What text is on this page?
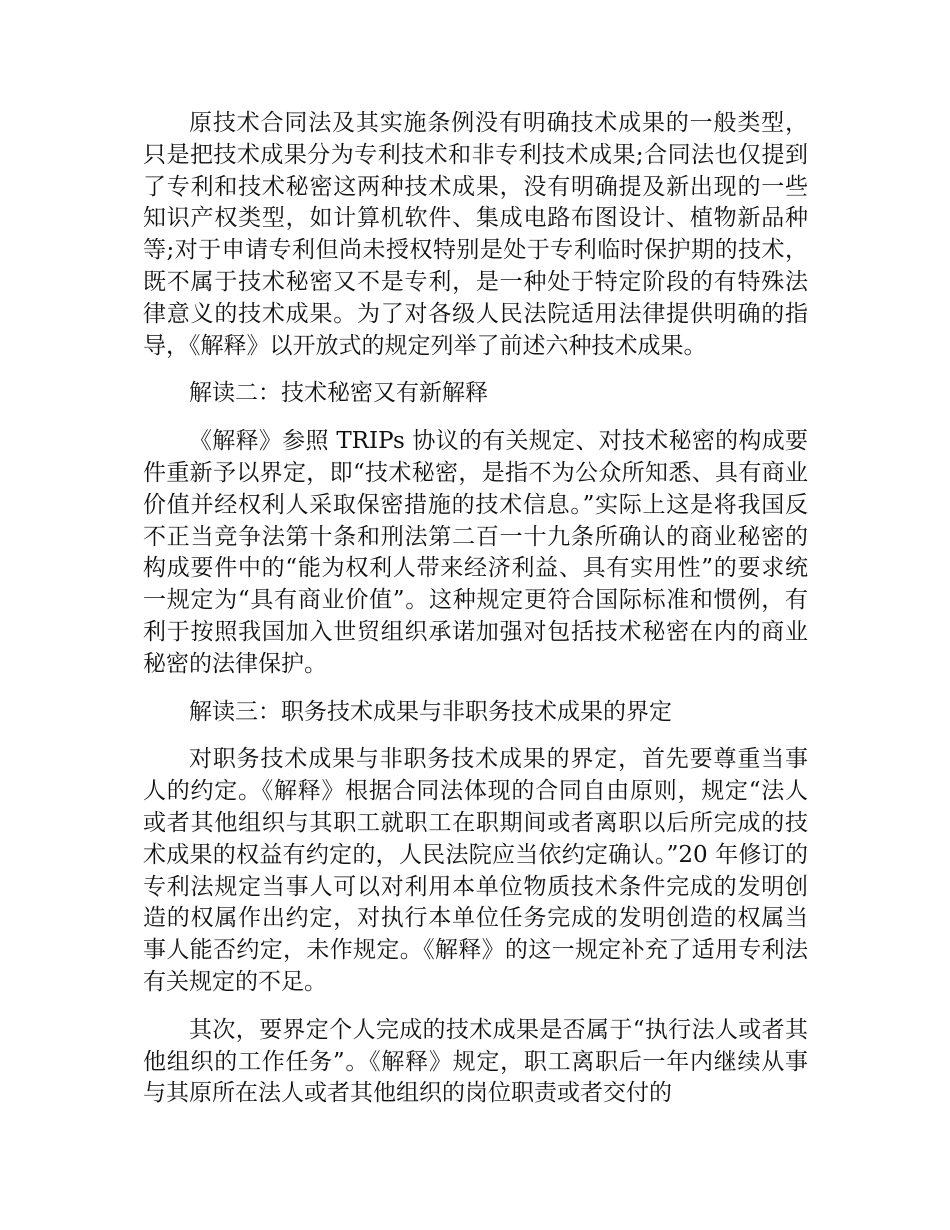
原技术合同法及其实施条例没有明确技术成果的一般类型，只是把技术成果分为专利技术和非专利技术成果;合同法也仅提到了专利和技术秘密这两种技术成果，没有明确提及新出现的一些知识产权类型，如计算机软件、集成电路布图设计、植物新品种等;对于申请专利但尚未授权特别是处于专利临时保护期的技术，既不属于技术秘密又不是专利，是一种处于特定阶段的有特殊法律意义的技术成果。为了对各级人民法院适用法律提供明确的指导，《解释》以开放式的规定列举了前述六种技术成果。

解读二：技术秘密又有新解释

《解释》参照 TRIPs 协议的有关规定、对技术秘密的构成要件重新予以界定，即“技术秘密，是指不为公众所知悉、具有商业价值并经权利人采取保密措施的技术信息。”实际上这是将我国反不正当竞争法第十条和刑法第二百一十九条所确认的商业秘密的构成要件中的“能为权利人带来经济利益、具有实用性”的要求统一规定为“具有商业价值”。这种规定更符合国际标准和惯例，有利于按照我国加入世贸组织承诺加强对包括技术秘密在内的商业秘密的法律保护。

解读三：职务技术成果与非职务技术成果的界定

对职务技术成果与非职务技术成果的界定，首先要尊重当事人的约定。《解释》根据合同法体现的合同自由原则，规定“法人或者其他组织与其职工就职工在职期间或者离职以后所完成的技术成果的权益有约定的，人民法院应当依约定确认。”20 年修订的专利法规定当事人可以对利用本单位物质技术条件完成的发明创造的权属作出约定，对执行本单位任务完成的发明创造的权属当事人能否约定，未作规定。《解释》的这一规定补充了适用专利法有关规定的不足。

其次，要界定个人完成的技术成果是否属于“执行法人或者其他组织的工作任务”。《解释》规定，职工离职后一年内继续从事与其原所在法人或者其他组织的岗位职责或者交付的
